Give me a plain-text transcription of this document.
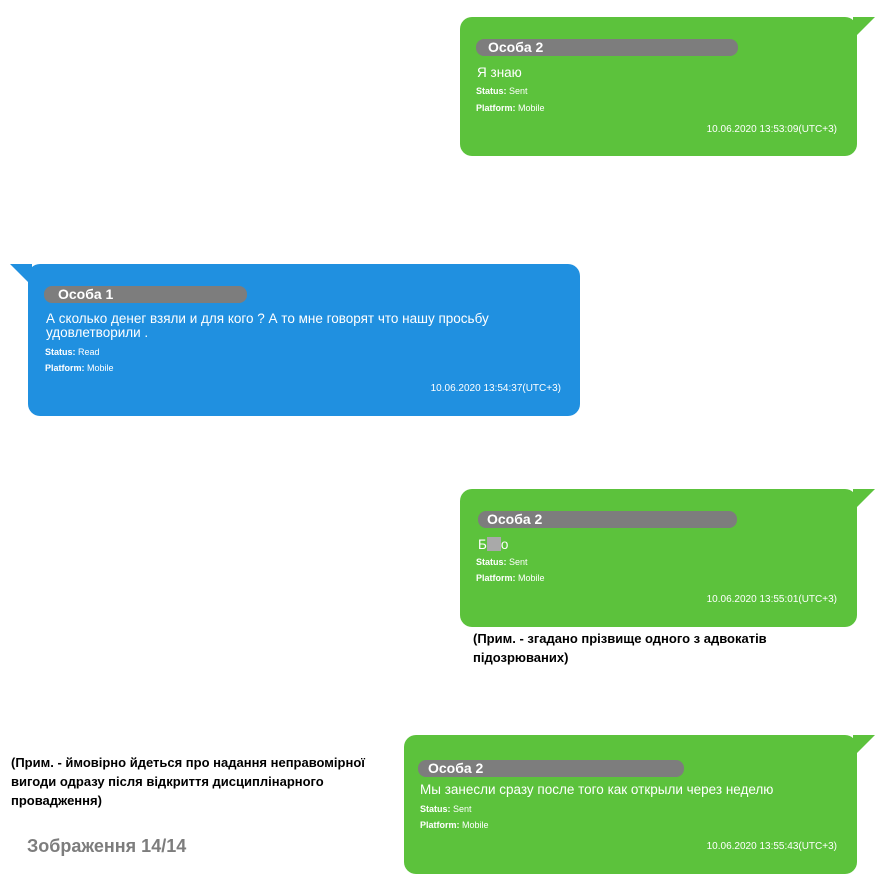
Особа 2
Я знаю
Status: Sent
Platform: Mobile
10.06.2020 13:53:09(UTC+3)
Особа 1
А сколько денег взяли и для кого ? А то мне говорят что нашу просьбу удовлетворили .
Status: Read
Platform: Mobile
10.06.2020 13:54:37(UTC+3)
Особа 2
Б о
Status: Sent
Platform: Mobile
10.06.2020 13:55:01(UTC+3)
(Прим. - згадано прізвище одного з адвокатів підозрюваних)
(Прим. - ймовірно йдеться про надання неправомірної вигоди одразу після відкриття дисциплінарного провадження)
Особа 2
Мы занесли сразу после того как открыли через неделю
Status: Sent
Platform: Mobile
10.06.2020 13:55:43(UTC+3)
Зображення 14/14
